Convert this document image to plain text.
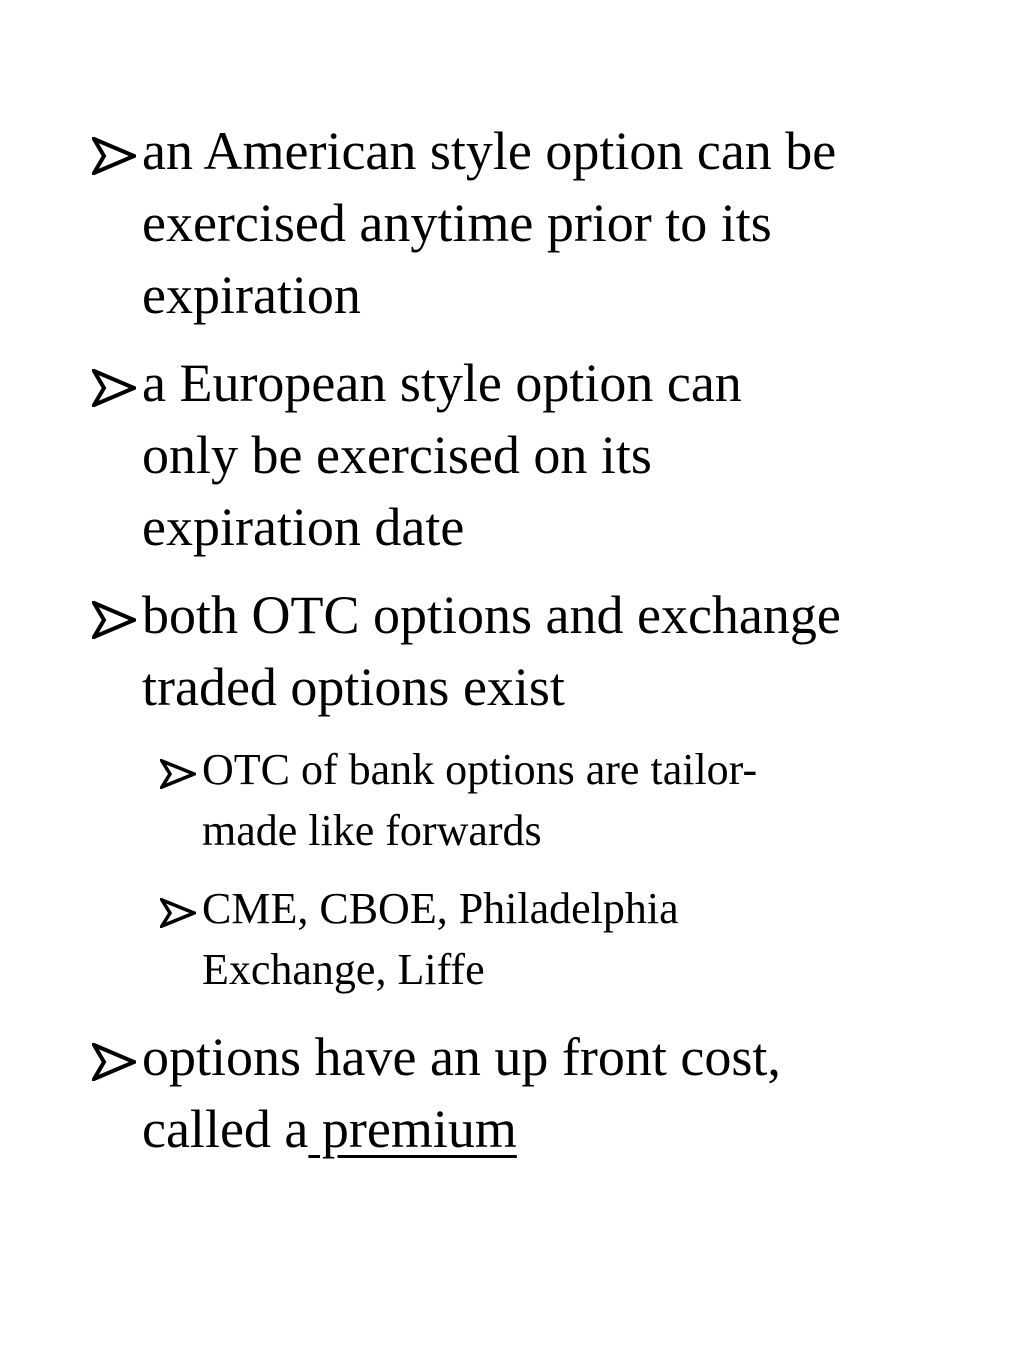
an American style option can be
exercised anytime prior to its
expiration
a European style option can
only be exercised on its
expiration date
both OTC options and exchange
traded options exist
OTC of bank options are tailor-
made like forwards
CME, CBOE, Philadelphia
Exchange, Liffe
options have an up front cost,
called a premium
